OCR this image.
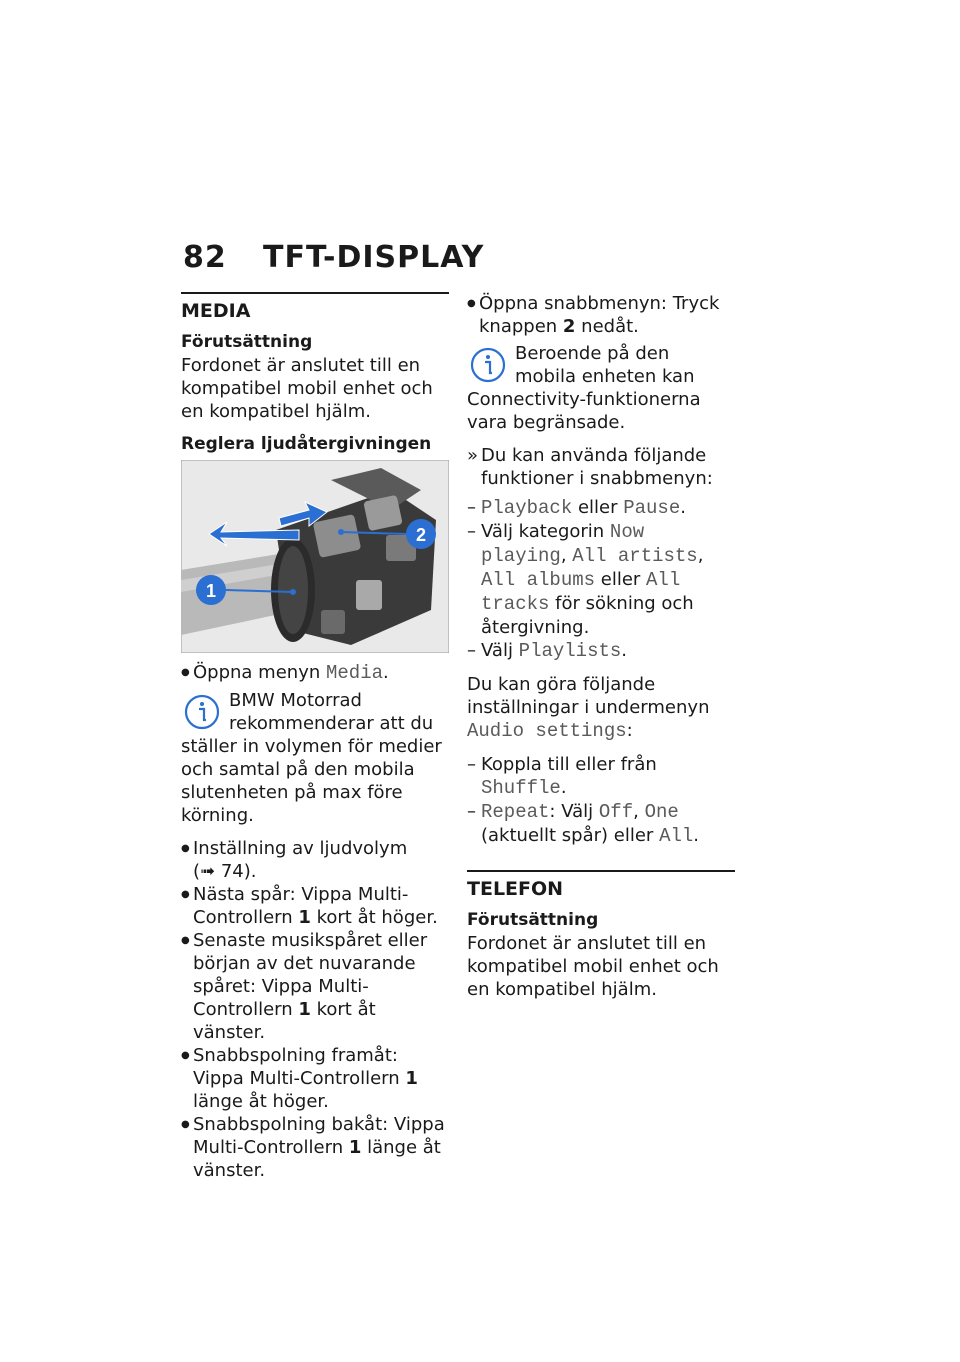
82 TFT-DISPLAY
MEDIA
Förutsättning

Fordonet är anslutet till en kompatibel mobil enhet och en kompatibel hjälm.

Reglera ljudåtergivningen
1
2

● Öppna menyn Media.

BMW Motorrad rekommenderar att du ställer in volymen för medier och samtal på den mobila slutenheten på max före körning.

● Inställning av ljudvolym
(➟ 74).

● Nästa spår: Vippa Multi-Controllern 1 kort åt höger.

● Senaste musikspåret eller början av det nuvarande spåret: Vippa Multi-Controllern 1 kort åt vänster.

● Snabbspolning framåt: Vippa Multi-Controllern 1 länge åt höger.

● Snabbspolning bakåt: Vippa Multi-Controllern 1 länge åt vänster.

● Öppna snabbmenyn: Tryck knappen 2 nedåt.

Beroende på den mobila enheten kan Connectivity-funktionerna vara begränsade.

» Du kan använda följande funktioner i snabbmenyn:

– Playback eller Pause.

– Välj kategorin Now playing, All artists, All albums eller All tracks för sökning och återgivning.

– Välj Playlists.

Du kan göra följande inställningar i undermenyn Audio settings:

– Koppla till eller från Shuffle.

– Repeat: Välj Off, One (aktuellt spår) eller All.

TELEFON
Förutsättning

Fordonet är anslutet till en kompatibel mobil enhet och en kompatibel hjälm.
